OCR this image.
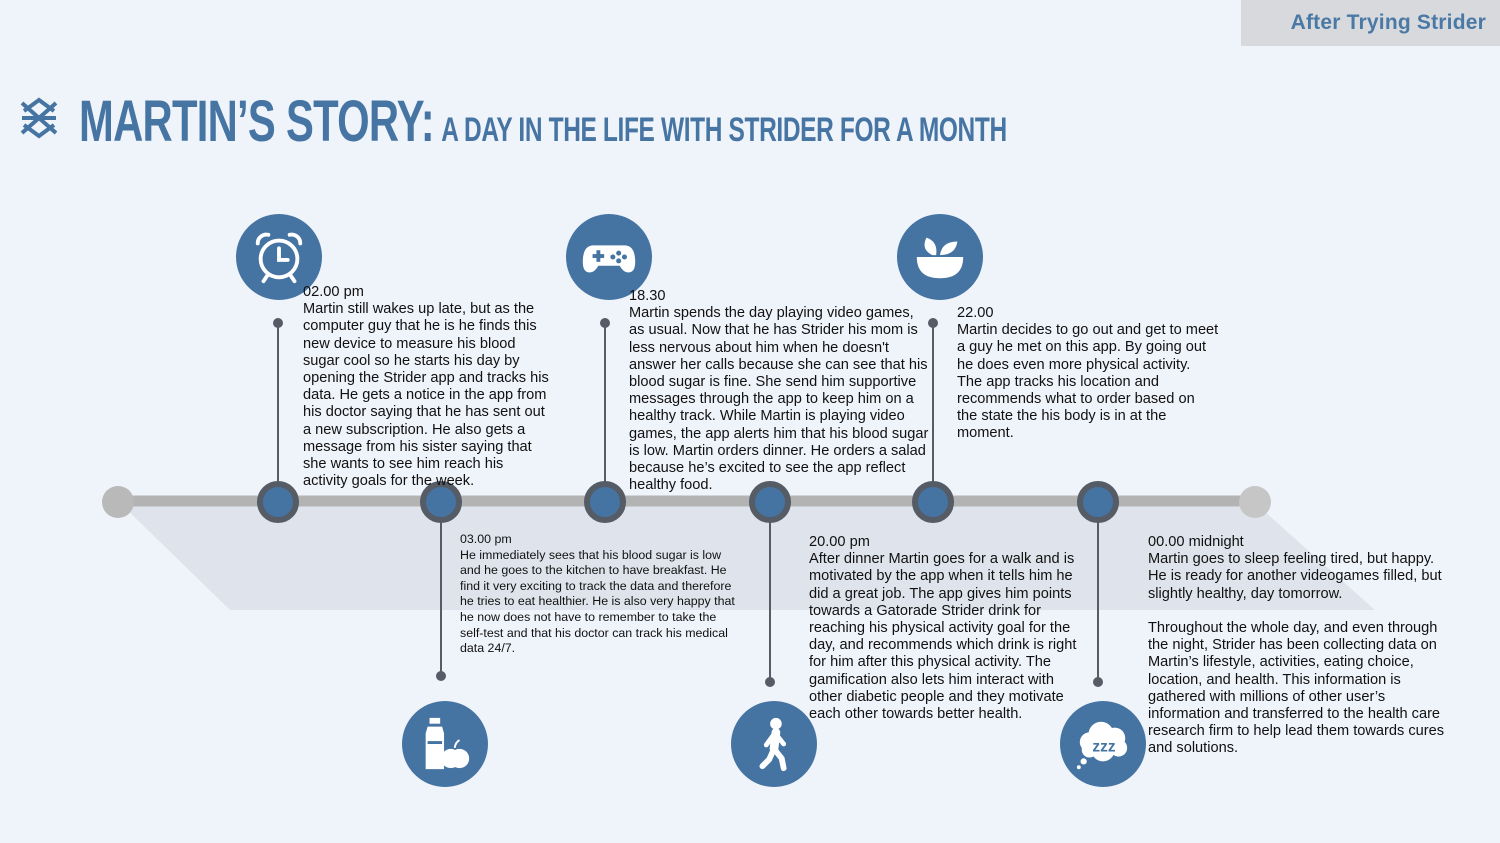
After Trying Strider
MARTIN’S STORY: A DAY IN THE LIFE WITH STRIDER FOR A MONTH
zzz
02.00 pm
Martin still wakes up late, but as the computer guy that he is he finds this new device to measure his blood sugar cool so he starts his day by opening the Strider app and tracks his data. He gets a notice in the app from his doctor saying that he has sent out a new subscription. He also gets a message from his sister saying that she wants to see him reach his activity goals for the week.
03.00 pm
He immediately sees that his blood sugar is low and he goes to the kitchen to have breakfast. He find it very exciting to track the data and therefore he tries to eat healthier. He is also very happy that he now does not have to remember to take the self-test and that his doctor can track his medical data 24/7.
18.30
Martin spends the day playing video games, as usual. Now that he has Strider his mom is less nervous about him when he doesn't answer her calls because she can see that his blood sugar is fine. She send him supportive messages through the app to keep him on a healthy track. While Martin is playing video games, the app alerts him that his blood sugar is low. Martin orders dinner. He orders a salad because he’s excited to see the app reflect healthy food.
20.00 pm
After dinner Martin goes for a walk and is motivated by the app when it tells him he did a great job. The app gives him points towards a Gatorade Strider drink for reaching his physical activity goal for the day, and recommends which drink is right for him after this physical activity. The gamification also lets him interact with other diabetic people and they motivate each other towards better health.
22.00
Martin decides to go out and get to meet a guy he met on this app. By going out he does even more physical activity. The app tracks his location and recommends what to order based on the state the his body is in at the moment.
00.00 midnight
Martin goes to sleep feeling tired, but happy. He is ready for another videogames filled, but slightly healthy, day tomorrow.

Throughout the whole day, and even through the night, Strider has been collecting data on Martin’s lifestyle, activities, eating choice, location, and health. This information is gathered with millions of other user’s information and transferred to the health care research firm to help lead them towards cures and solutions.
